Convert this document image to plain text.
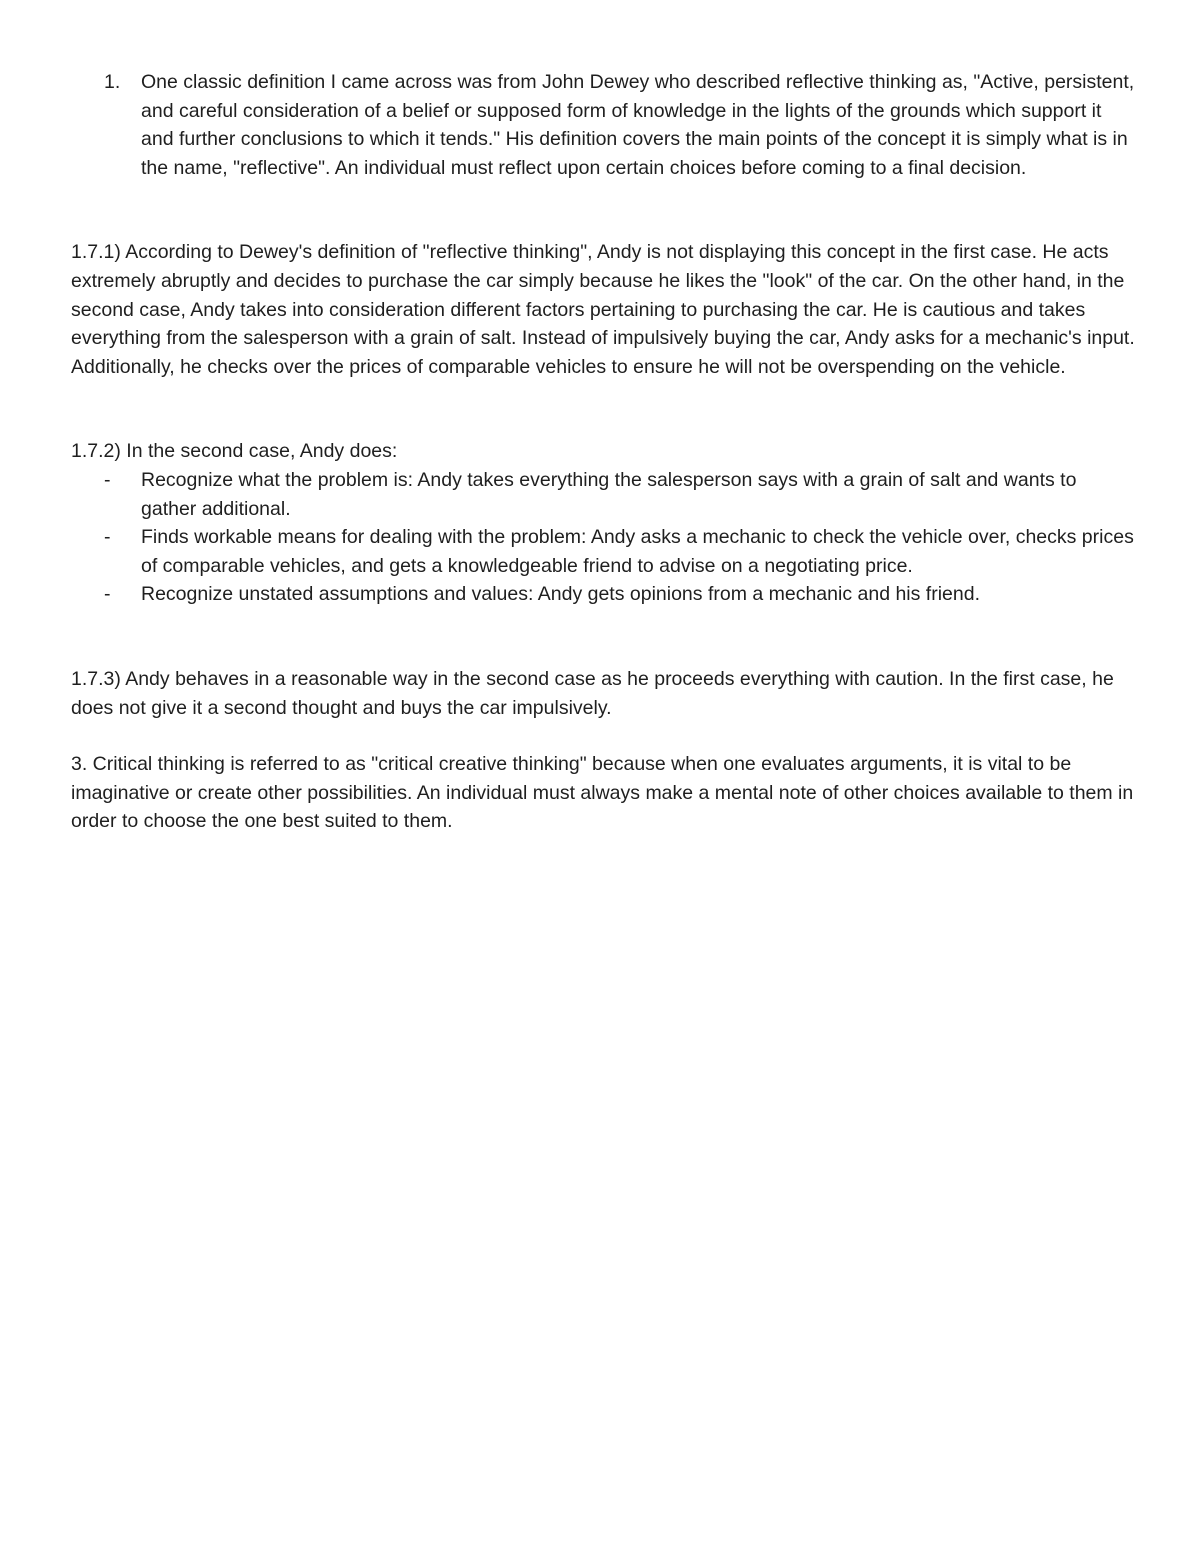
1. One classic definition I came across was from John Dewey who described reflective thinking as, "Active, persistent, and careful consideration of a belief or supposed form of knowledge in the lights of the grounds which support it and further conclusions to which it tends." His definition covers the main points of the concept it is simply what is in the name, "reflective". An individual must reflect upon certain choices before coming to a final decision.

1.7.1) According to Dewey's definition of "reflective thinking", Andy is not displaying this concept in the first case. He acts extremely abruptly and decides to purchase the car simply because he likes the "look" of the car. On the other hand, in the second case, Andy takes into consideration different factors pertaining to purchasing the car. He is cautious and takes everything from the salesperson with a grain of salt. Instead of impulsively buying the car, Andy asks for a mechanic's input. Additionally, he checks over the prices of comparable vehicles to ensure he will not be overspending on the vehicle.

1.7.2) In the second case, Andy does:

- Recognize what the problem is: Andy takes everything the salesperson says with a grain of salt and wants to gather additional.
- Finds workable means for dealing with the problem: Andy asks a mechanic to check the vehicle over, checks prices of comparable vehicles, and gets a knowledgeable friend to advise on a negotiating price.
- Recognize unstated assumptions and values: Andy gets opinions from a mechanic and his friend.

1.7.3) Andy behaves in a reasonable way in the second case as he proceeds everything with caution. In the first case, he does not give it a second thought and buys the car impulsively.

3. Critical thinking is referred to as "critical creative thinking" because when one evaluates arguments, it is vital to be imaginative or create other possibilities. An individual must always make a mental note of other choices available to them in order to choose the one best suited to them.
